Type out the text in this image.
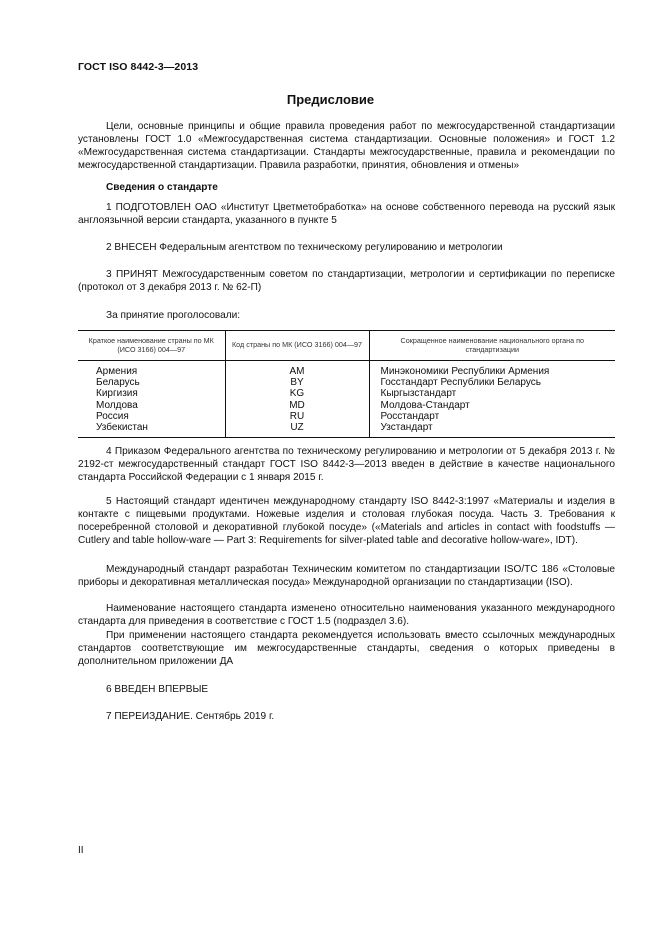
ГОСТ ISO 8442-3—2013
Предисловие
Цели, основные принципы и общие правила проведения работ по межгосударственной стандартизации установлены ГОСТ 1.0 «Межгосударственная система стандартизации. Основные положения» и ГОСТ 1.2 «Межгосударственная система стандартизации. Стандарты межгосударственные, правила и рекомендации по межгосударственной стандартизации. Правила разработки, принятия, обновления и отмены»
Сведения о стандарте
1 ПОДГОТОВЛЕН ОАО «Институт Цветметобработка» на основе собственного перевода на русский язык англоязычной версии стандарта, указанного в пункте 5
2 ВНЕСЕН Федеральным агентством по техническому регулированию и метрологии
3 ПРИНЯТ Межгосударственным советом по стандартизации, метрологии и сертификации по переписке (протокол от 3 декабря 2013 г. № 62-П)
За принятие проголосовали:
Краткое наименование страны по МК (ИСО 3166) 004—97	Код страны по МК (ИСО 3166) 004—97	Сокращенное наименование национального органа по стандартизации
Армения	AM	Минэкономики Республики Армения
Беларусь	BY	Госстандарт Республики Беларусь
Киргизия	KG	Кыргызстандарт
Молдова	MD	Молдова-Стандарт
Россия	RU	Росстандарт
Узбекистан	UZ	Узстандарт
4 Приказом Федерального агентства по техническому регулированию и метрологии от 5 декабря 2013 г. № 2192-ст межгосударственный стандарт ГОСТ ISO 8442-3—2013 введен в действие в качестве национального стандарта Российской Федерации с 1 января 2015 г.
5 Настоящий стандарт идентичен международному стандарту ISO 8442-3:1997 «Материалы и изделия в контакте с пищевыми продуктами. Ножевые изделия и столовая глубокая посуда. Часть 3. Требования к посеребренной столовой и декоративной глубокой посуде» («Materials and articles in contact with foodstuffs — Cutlery and table hollow-ware — Part 3: Requirements for silver-plated table and decorative hollow-ware», IDT).
Международный стандарт разработан Техническим комитетом по стандартизации ISO/TC 186 «Столовые приборы и декоративная металлическая посуда» Международной организации по стандартизации (ISO).
Наименование настоящего стандарта изменено относительно наименования указанного международного стандарта для приведения в соответствие с ГОСТ 1.5 (подраздел 3.6).
При применении настоящего стандарта рекомендуется использовать вместо ссылочных международных стандартов соответствующие им межгосударственные стандарты, сведения о которых приведены в дополнительном приложении ДА
6 ВВЕДЕН ВПЕРВЫЕ
7 ПЕРЕИЗДАНИЕ. Сентябрь 2019 г.
II
